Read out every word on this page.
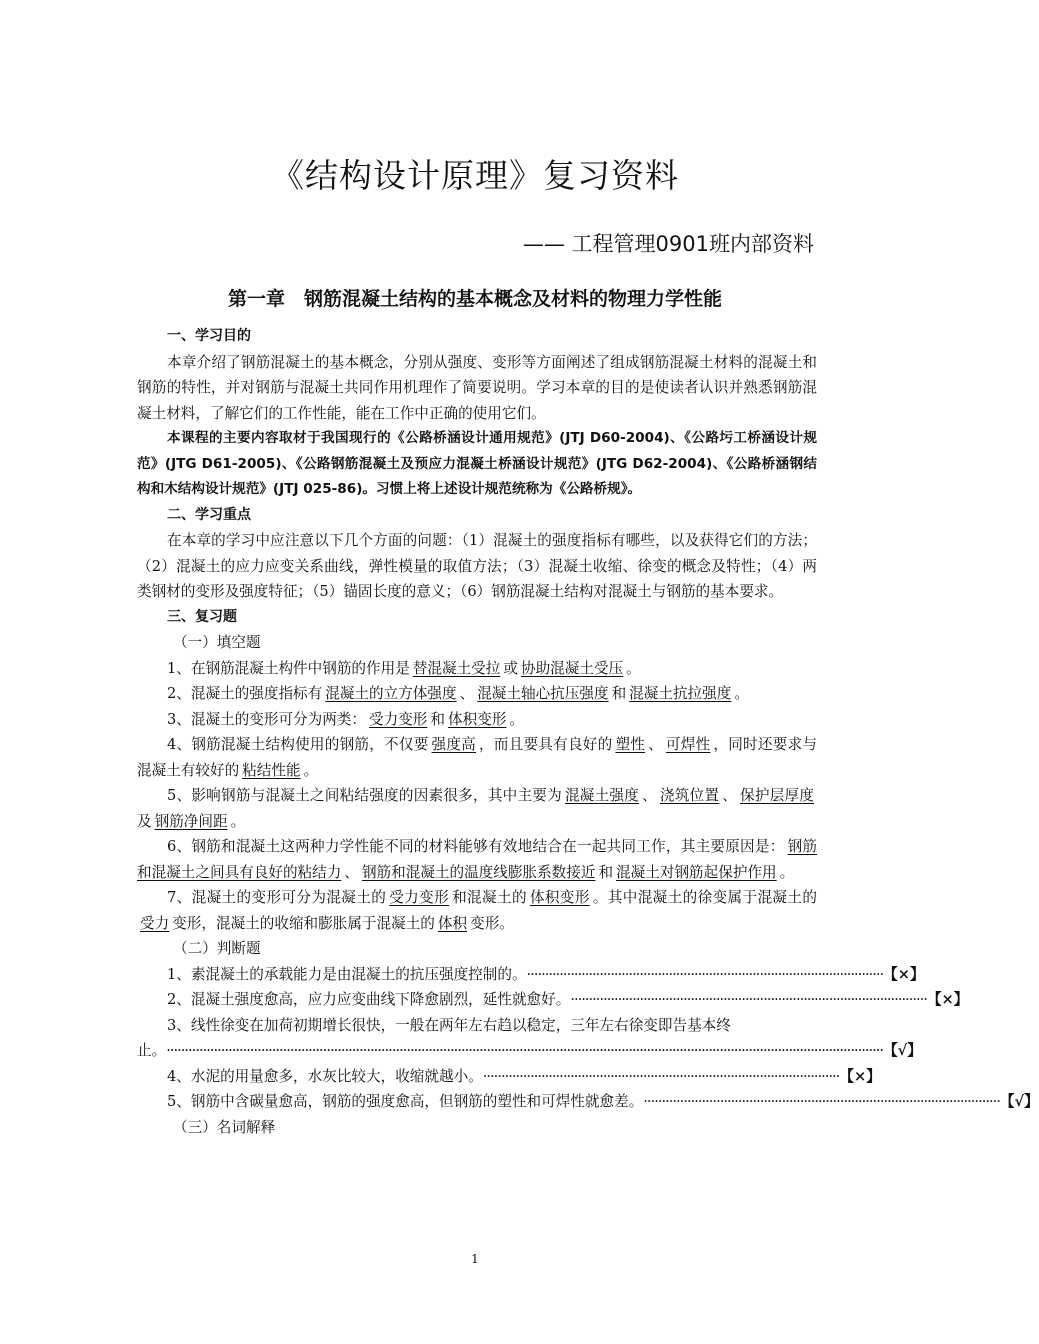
《结构设计原理》复习资料
—— 工程管理0901班内部资料
第一章　钢筋混凝土结构的基本概念及材料的物理力学性能

一、学习目的

本章介绍了钢筋混凝土的基本概念，分别从强度、变形等方面阐述了组成钢筋混凝土材料的混凝土和钢筋的特性，并对钢筋与混凝土共同作用机理作了简要说明。学习本章的目的是使读者认识并熟悉钢筋混凝土材料，了解它们的工作性能，能在工作中正确的使用它们。

本课程的主要内容取材于我国现行的《公路桥涵设计通用规范》(JTJ D60-2004)、《公路圬工桥涵设计规范》(JTG D61-2005)、《公路钢筋混凝土及预应力混凝土桥涵设计规范》(JTG D62-2004)、《公路桥涵钢结构和木结构设计规范》(JTJ 025-86)。习惯上将上述设计规范统称为《公路桥规》。

二、学习重点

在本章的学习中应注意以下几个方面的问题：（1）混凝土的强度指标有哪些，以及获得它们的方法；（2）混凝土的应力应变关系曲线，弹性模量的取值方法；（3）混凝土收缩、徐变的概念及特性；（4）两类钢材的变形及强度特征；（5）锚固长度的意义；（6）钢筋混凝土结构对混凝土与钢筋的基本要求。

三、复习题

（一）填空题

1、在钢筋混凝土构件中钢筋的作用是 替混凝土受拉 或 协助混凝土受压 。

2、混凝土的强度指标有 混凝土的立方体强度 、 混凝土轴心抗压强度 和 混凝土抗拉强度 。

3、混凝土的变形可分为两类： 受力变形 和 体积变形 。

4、钢筋混凝土结构使用的钢筋，不仅要 强度高 ，而且要具有良好的 塑性 、 可焊性 ，同时还要求与混凝土有较好的 粘结性能 。

5、影响钢筋与混凝土之间粘结强度的因素很多，其中主要为 混凝土强度 、 浇筑位置 、 保护层厚度及 钢筋净间距 。

6、钢筋和混凝土这两种力学性能不同的材料能够有效地结合在一起共同工作，其主要原因是： 钢筋和混凝土之间具有良好的粘结力 、 钢筋和混凝土的温度线膨胀系数接近 和 混凝土对钢筋起保护作用 。

7、混凝土的变形可分为混凝土的 受力变形 和混凝土的 体积变形 。其中混凝土的徐变属于混凝土的受力 变形，混凝土的收缩和膨胀属于混凝土的 体积 变形。

（二）判断题

1、素混凝土的承载能力是由混凝土的抗压强度控制的。 ·································································································· 【×】
2、混凝土强度愈高，应力应变曲线下降愈剧烈，延性就愈好。 ·································································································· 【×】

3、线性徐变在加荷初期增长很快，一般在两年左右趋以稳定，三年左右徐变即告基本终

止。 ····································································································································································································· 【√】
4、水泥的用量愈多，水灰比较大，收缩就越小。 ·································································································· 【×】
5、钢筋中含碳量愈高，钢筋的强度愈高，但钢筋的塑性和可焊性就愈差。 ·································································································· 【√】

（三）名词解释

1
